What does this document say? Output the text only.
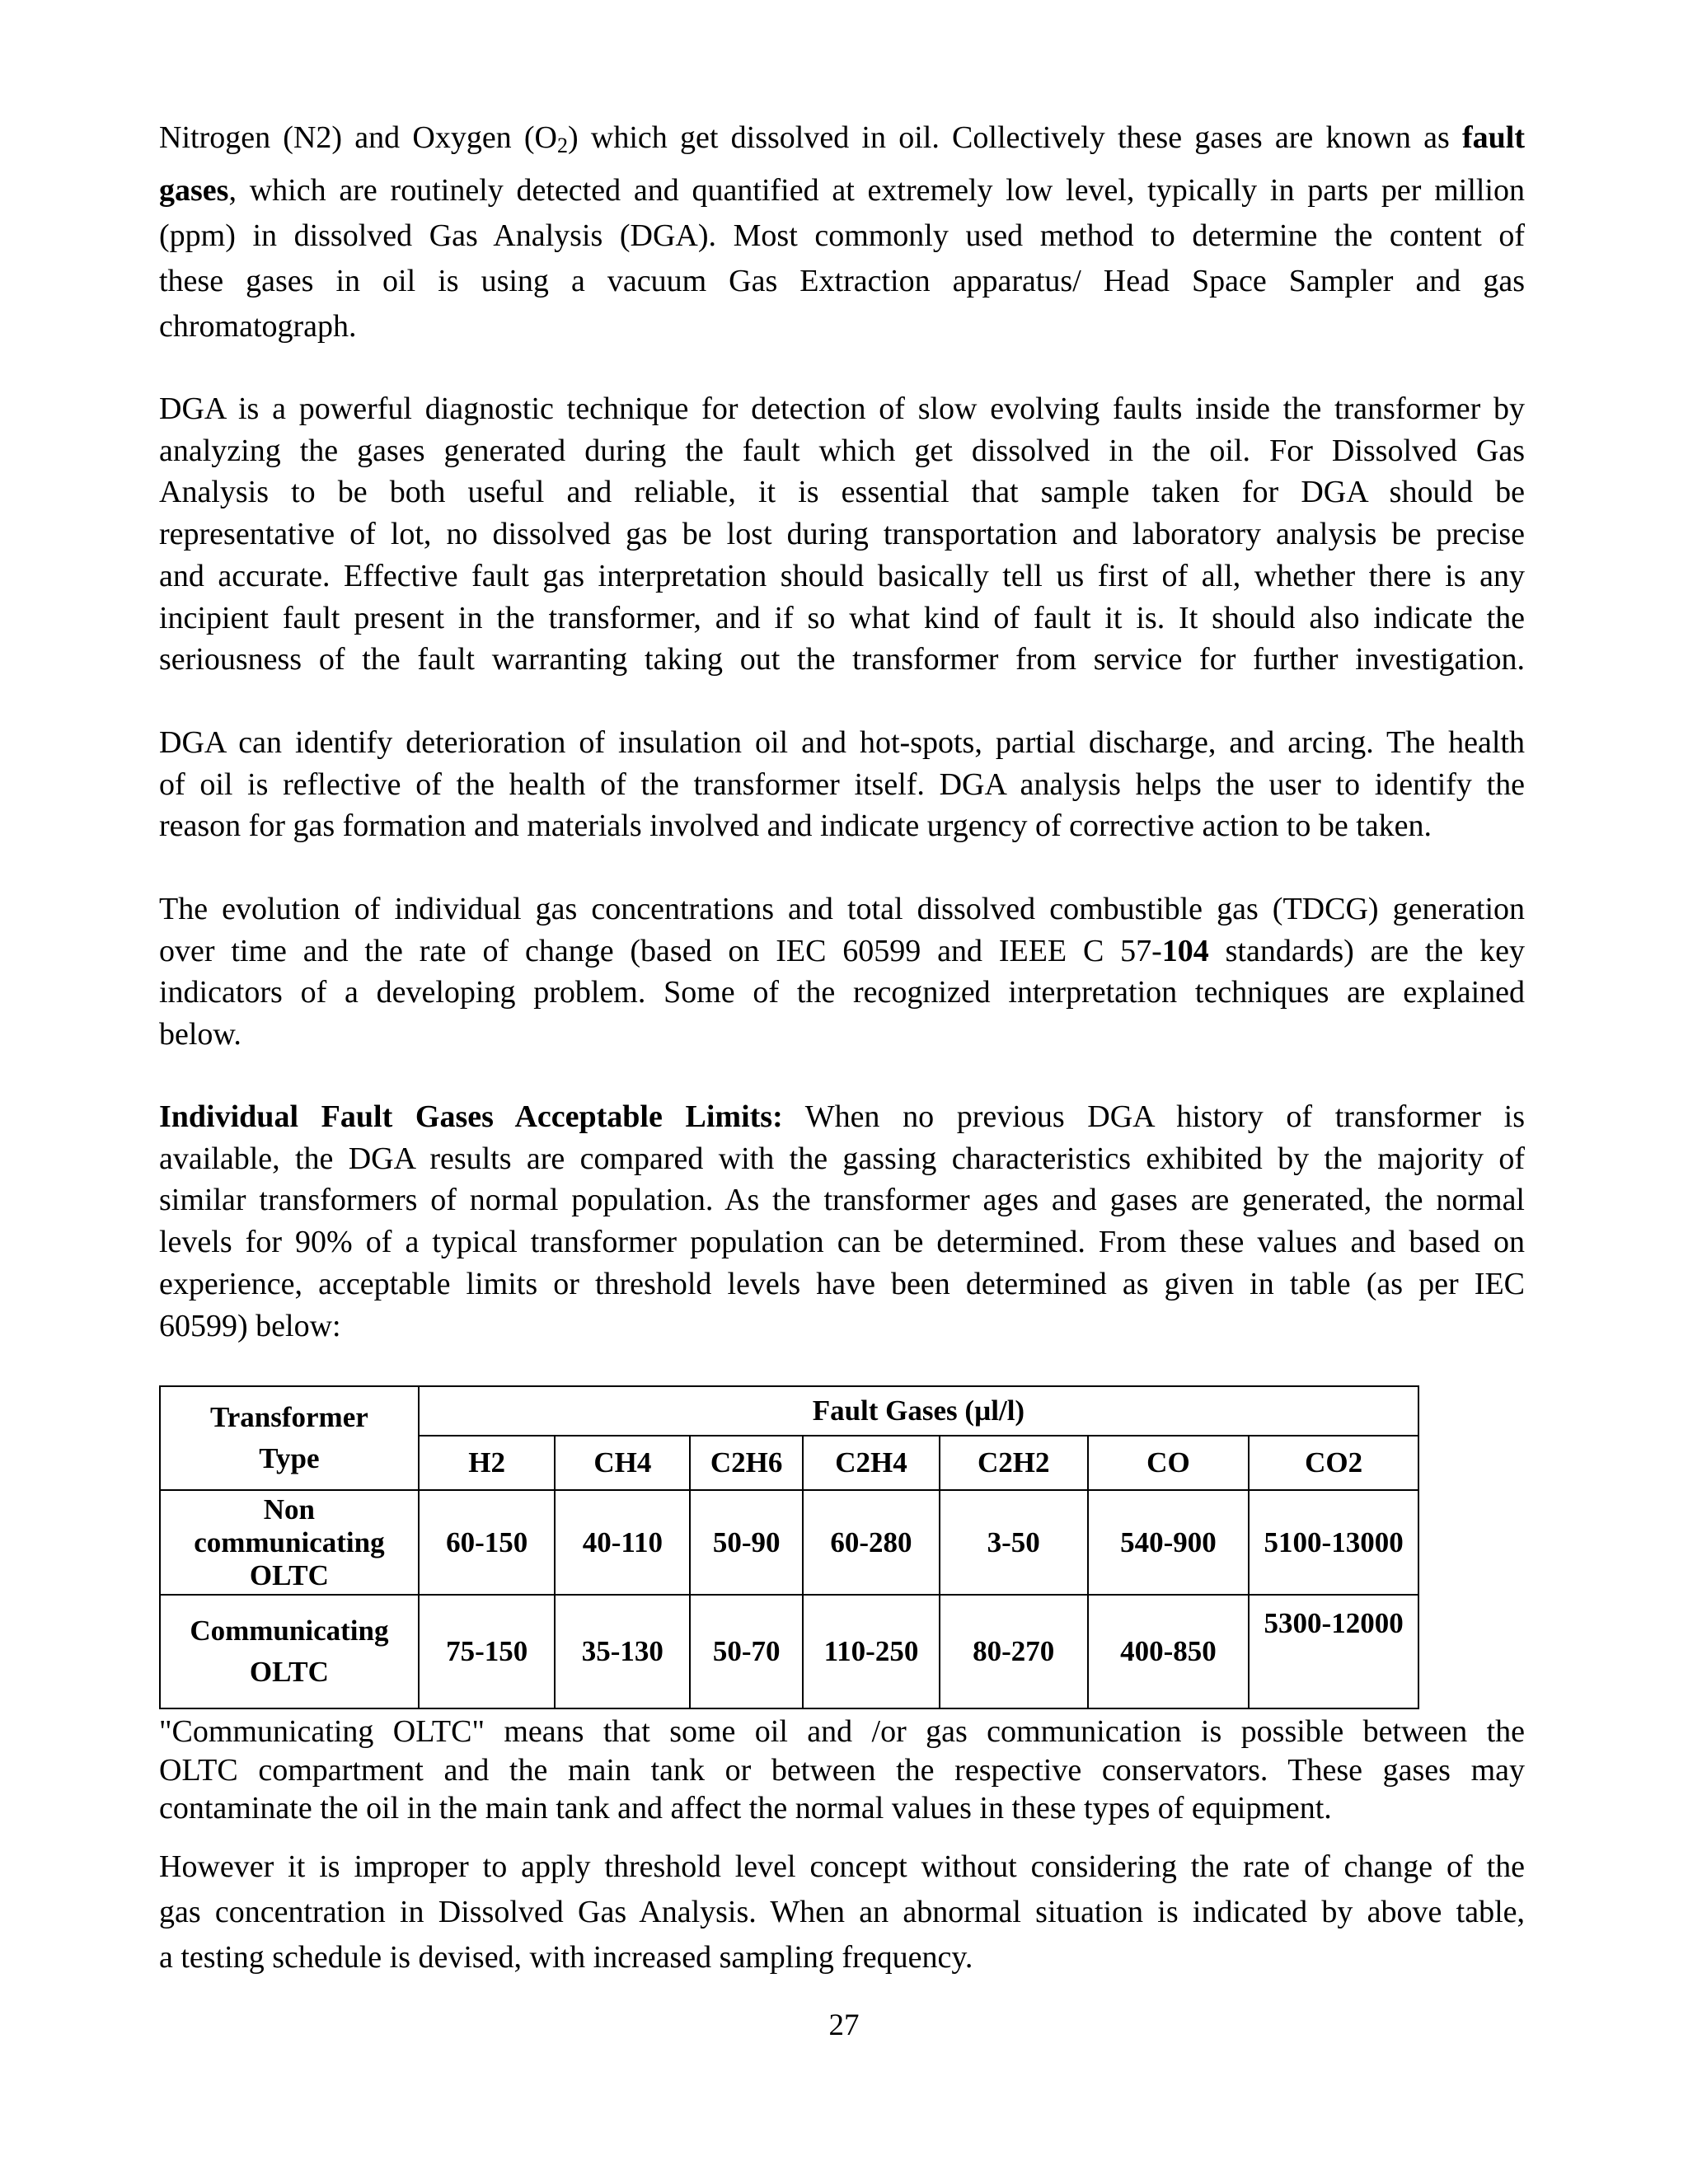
Nitrogen (N2) and Oxygen $(O_2)$ which get dissolved in oil. Collectively these gases are known as fault
gases, which are routinely detected and quantified at extremely low level, typically in parts per million
(ppm) in dissolved Gas Analysis (DGA). Most commonly used method to determine the content of
these gases in oil is using a vacuum Gas Extraction apparatus/ Head Space Sampler and gas
chromatograph.

DGA is a powerful diagnostic technique for detection of slow evolving faults inside the transformer by
analyzing the gases generated during the fault which get dissolved in the oil. For Dissolved Gas
Analysis to be both useful and reliable, it is essential that sample taken for DGA should be
representative of lot, no dissolved gas be lost during transportation and laboratory analysis be precise
and accurate. Effective fault gas interpretation should basically tell us first of all, whether there is any
incipient fault present in the transformer, and if so what kind of fault it is. It should also indicate the
seriousness of the fault warranting taking out the transformer from service for further investigation.

DGA can identify deterioration of insulation oil and hot-spots, partial discharge, and arcing. The health
of oil is reflective of the health of the transformer itself. DGA analysis helps the user to identify the
reason for gas formation and materials involved and indicate urgency of corrective action to be taken.

The evolution of individual gas concentrations and total dissolved combustible gas (TDCG) generation
over time and the rate of change (based on IEC 60599 and IEEE C 57-104 standards) are the key
indicators of a developing problem. Some of the recognized interpretation techniques are explained
below.

Individual Fault Gases Acceptable Limits: When no previous DGA history of transformer is
available, the DGA results are compared with the gassing characteristics exhibited by the majority of
similar transformers of normal population. As the transformer ages and gases are generated, the normal
levels for 90% of a typical transformer population can be determined. From these values and based on
experience, acceptable limits or threshold levels have been determined as given in table (as per IEC
60599) below:

Transformer
Type	Fault Gases (µl/l)						
	H2	CH4	C2H6	C2H4	C2H2	CO	CO2

Non
communicating
OLTC	60-150	40-110	50-90	60-280	3-50	540-900	5100-13000

Communicating
OLTC	75-150	35-130	50-70	110-250	80-270	400-850	5300-12000

"Communicating OLTC" means that some oil and /or gas communication is possible between the
OLTC compartment and the main tank or between the respective conservators. These gases may
contaminate the oil in the main tank and affect the normal values in these types of equipment.

However it is improper to apply threshold level concept without considering the rate of change of the
gas concentration in Dissolved Gas Analysis. When an abnormal situation is indicated by above table,
a testing schedule is devised, with increased sampling frequency.

27
